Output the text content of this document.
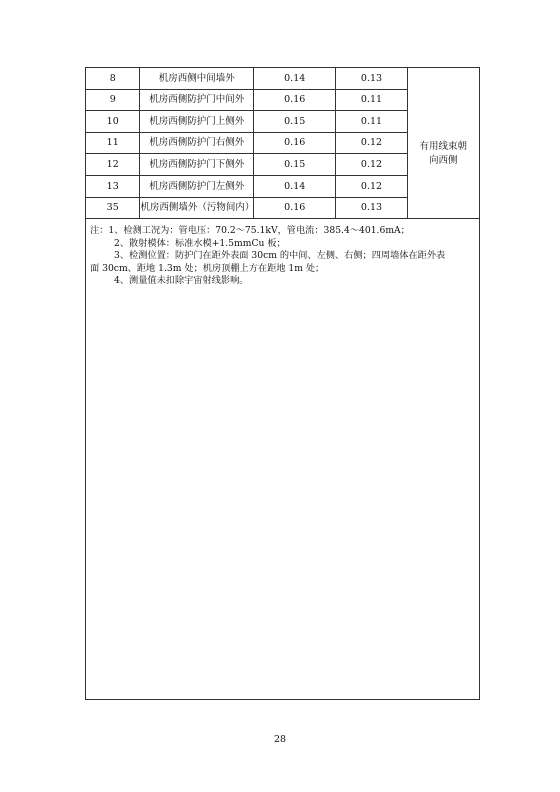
8	机房西侧中间墙外	0.14	0.13	
9	机房西侧防护门中间外	0.16	0.11	有用线束朝向西侧
10	机房西侧防护门上侧外	0.15	0.11	
11	机房西侧防护门右侧外	0.16	0.12	
12	机房西侧防护门下侧外	0.15	0.12	
13	机房西侧防护门左侧外	0.14	0.12	
35	机房西侧墙外（污物间内）	0.16	0.13	
注：1、检测工况为：管电压：70.2～75.1kV，管电流：385.4～401.6mA；
2、散射模体：标准水模+1.5mmCu 板；
3、检测位置：防护门在距外表面 30cm 的中间、左侧、右侧；四周墙体在距外表
面 30cm、距地 1.3m 处；机房顶棚上方在距地 1m 处；
4、测量值未扣除宇宙射线影响。
28
